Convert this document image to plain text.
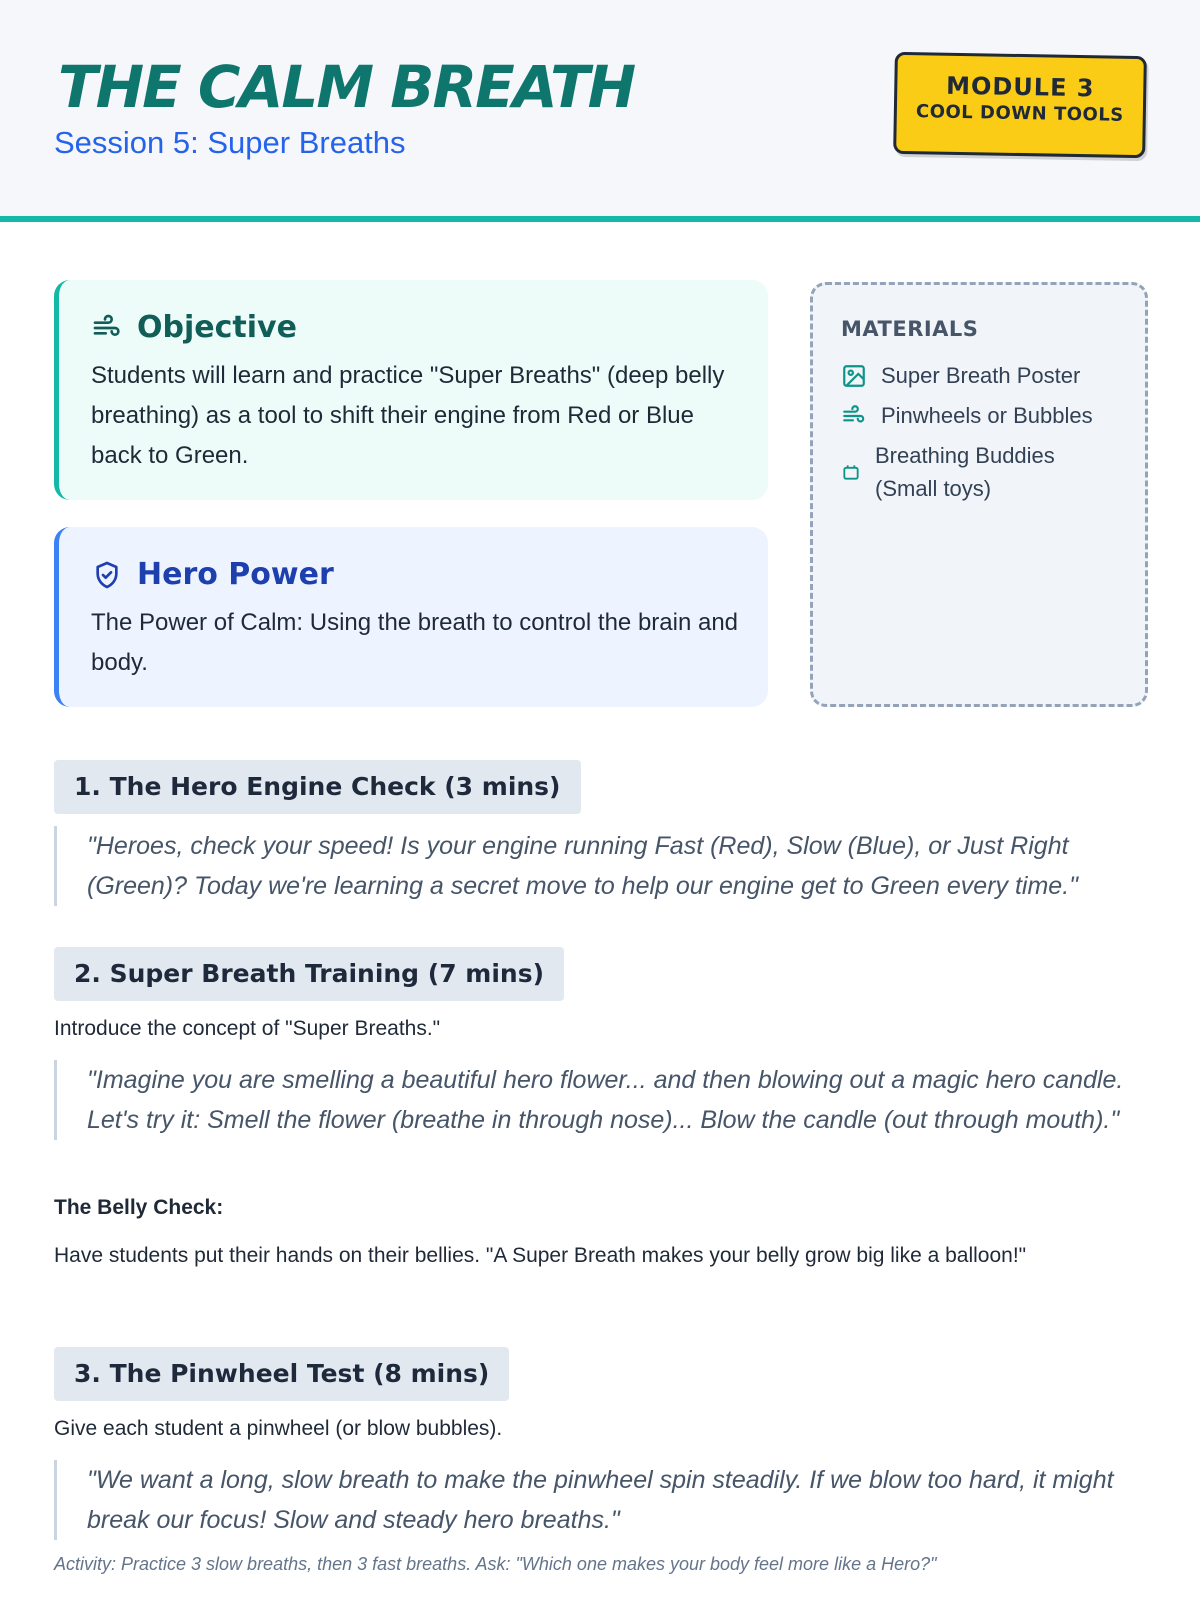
THE CALM BREATH
Session 5: Super Breaths
MODULE 3
COOL DOWN TOOLS
Objective
Students will learn and practice "Super Breaths" (deep belly breathing) as a tool to shift their engine from Red or Blue back to Green.
Hero Power
The Power of Calm: Using the breath to control the brain and body.
MATERIALS
Super Breath Poster
Pinwheels or Bubbles
Breathing Buddies (Small toys)
1. The Hero Engine Check (3 mins)
"Heroes, check your speed! Is your engine running Fast (Red), Slow (Blue), or Just Right (Green)? Today we're learning a secret move to help our engine get to Green every time."
2. Super Breath Training (7 mins)
Introduce the concept of "Super Breaths."
"Imagine you are smelling a beautiful hero flower... and then blowing out a magic hero candle. Let's try it: Smell the flower (breathe in through nose)... Blow the candle (out through mouth)."
The Belly Check:
Have students put their hands on their bellies. "A Super Breath makes your belly grow big like a balloon!"
3. The Pinwheel Test (8 mins)
Give each student a pinwheel (or blow bubbles).
"We want a long, slow breath to make the pinwheel spin steadily. If we blow too hard, it might break our focus! Slow and steady hero breaths."
Activity: Practice 3 slow breaths, then 3 fast breaths. Ask: "Which one makes your body feel more like a Hero?"
